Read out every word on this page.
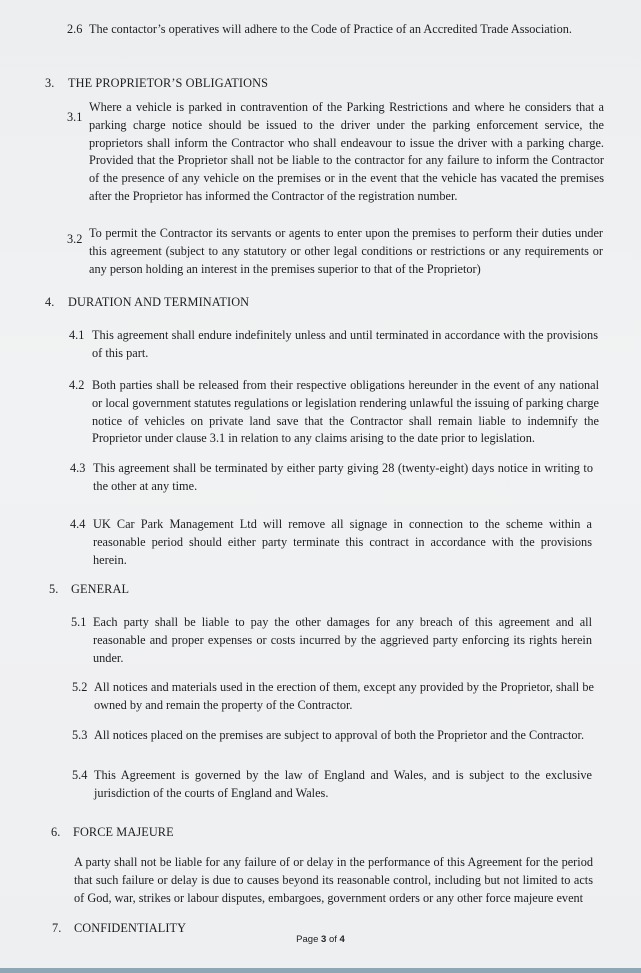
2.6 The contactor’s operatives will adhere to the Code of Practice of an Accredited Trade Association.

3. THE PROPRIETOR’S OBLIGATIONS
3.1

Where a vehicle is parked in contravention of the Parking Restrictions and where he considers that a parking charge notice should be issued to the driver under the parking enforcement service, the proprietors shall inform the Contractor who shall endeavour to issue the driver with a parking charge. Provided that the Proprietor shall not be liable to the contractor for any failure to inform the Contractor of the presence of any vehicle on the premises or in the event that the vehicle has vacated the premises after the Proprietor has informed the Contractor of the registration number.

3.2 To permit the Contractor its servants or agents to enter upon the premises to perform their duties under this agreement (subject to any statutory or other legal conditions or restrictions or any requirements or any person holding an interest in the premises superior to that of the Proprietor)

4. DURATION AND TERMINATION
4.1 This agreement shall endure indefinitely unless and until terminated in accordance with the provisions of this part.

4.2 Both parties shall be released from their respective obligations hereunder in the event of any national or local government statutes regulations or legislation rendering unlawful the issuing of parking charge notice of vehicles on private land save that the Contractor shall remain liable to indemnify the Proprietor under clause 3.1 in relation to any claims arising to the date prior to legislation.

4.3 This agreement shall be terminated by either party giving 28 (twenty-eight) days notice in writing to the other at any time.

4.4 UK Car Park Management Ltd will remove all signage in connection to the scheme within a reasonable period should either party terminate this contract in accordance with the provisions herein.

5. GENERAL
5.1 Each party shall be liable to pay the other damages for any breach of this agreement and all reasonable and proper expenses or costs incurred by the aggrieved party enforcing its rights herein under.

5.2 All notices and materials used in the erection of them, except any provided by the Proprietor, shall be owned by and remain the property of the Contractor.

5.3 All notices placed on the premises are subject to approval of both the Proprietor and the Contractor.

5.4 This Agreement is governed by the law of England and Wales, and is subject to the exclusive jurisdiction of the courts of England and Wales.

6. FORCE MAJEURE

A party shall not be liable for any failure of or delay in the performance of this Agreement for the period that such failure or delay is due to causes beyond its reasonable control, including but not limited to acts of God, war, strikes or labour disputes, embargoes, government orders or any other force majeure event

7. CONFIDENTIALITY
Page 3 of 4
